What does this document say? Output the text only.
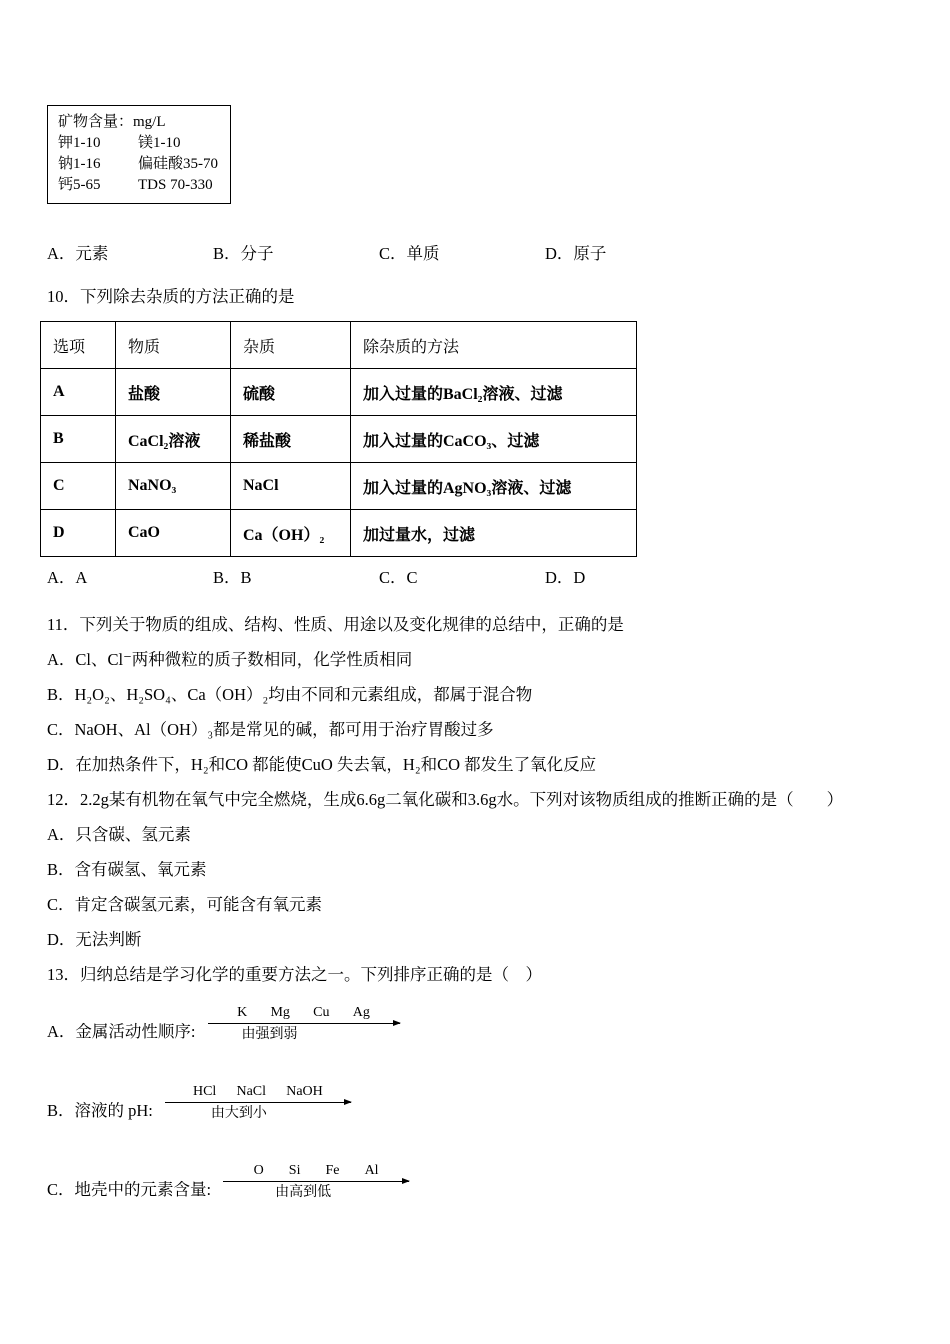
矿物含量：mg/L
钾1-10	镁1-10
钠1-16	偏硅酸35-70
钙5-65	TDS 70-330
A．元素	B．分子	C．单质	D．原子

10．下列除去杂质的方法正确的是

选项	物质	杂质	除杂质的方法
A	盐酸	硫酸	加入过量的BaCl₂溶液、过滤
B	CaCl₂溶液	稀盐酸	加入过量的CaCO₃、过滤
C	NaNO₃	NaCl	加入过量的AgNO₃溶液、过滤
D	CaO	Ca（OH）₂	加过量水，过滤
A．A	B．B	C．C	D．D

11．下列关于物质的组成、结构、性质、用途以及变化规律的总结中，正确的是

A．Cl、Cl⁻两种微粒的质子数相同，化学性质相同

B．H₂O₂、H₂SO₄、Ca（OH）₂均由不同和元素组成，都属于混合物

C．NaOH、Al（OH）₃都是常见的碱，都可用于治疗胃酸过多

D．在加热条件下，H₂和CO 都能使CuO 失去氧，H₂和CO 都发生了氧化反应

12．2.2g某有机物在氧气中完全燃烧，生成6.6g二氧化碳和3.6g水。下列对该物质组成的推断正确的是（　　）

A．只含碳、氢元素

B．含有碳氢、氧元素

C．肯定含碳氢元素，可能含有氧元素

D．无法判断

13．归纳总结是学习化学的重要方法之一。下列排序正确的是（　）

A．金属活动性顺序:
K Mg Cu Ag
由强到弱
B．溶液的 pH:
HCl NaCl NaOH
由大到小
C．地壳中的元素含量:
O Si Fe Al
由高到低
